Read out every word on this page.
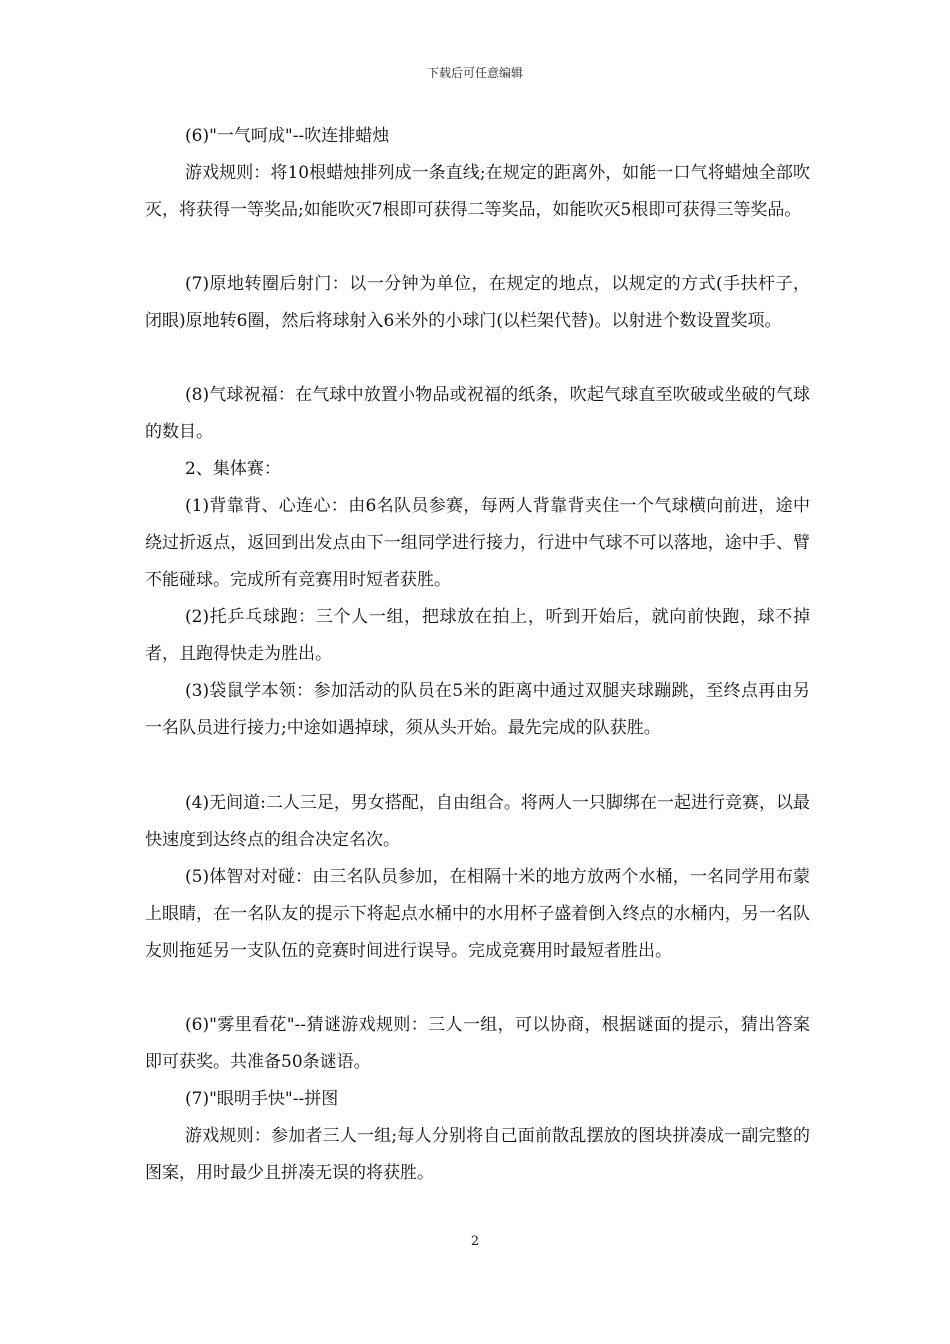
下载后可任意编辑

(6)"一气呵成"--吹连排蜡烛

游戏规则：将10根蜡烛排列成一条直线;在规定的距离外，如能一口气将蜡烛全部吹灭，将获得一等奖品;如能吹灭7根即可获得二等奖品，如能吹灭5根即可获得三等奖品。

(7)原地转圈后射门：以一分钟为单位，在规定的地点，以规定的方式(手扶杆子，闭眼)原地转6圈，然后将球射入6米外的小球门(以栏架代替)。以射进个数设置奖项。

(8)气球祝福：在气球中放置小物品或祝福的纸条，吹起气球直至吹破或坐破的气球的数目。

2、集体赛：

(1)背靠背、心连心：由6名队员参赛，每两人背靠背夹住一个气球横向前进，途中绕过折返点，返回到出发点由下一组同学进行接力，行进中气球不可以落地，途中手、臂不能碰球。完成所有竞赛用时短者获胜。

(2)托乒乓球跑：三个人一组，把球放在拍上，听到开始后，就向前快跑，球不掉者，且跑得快走为胜出。

(3)袋鼠学本领：参加活动的队员在5米的距离中通过双腿夹球蹦跳，至终点再由另一名队员进行接力;中途如遇掉球，须从头开始。最先完成的队获胜。

(4)无间道:二人三足，男女搭配，自由组合。将两人一只脚绑在一起进行竞赛，以最快速度到达终点的组合决定名次。

(5)体智对对碰：由三名队员参加，在相隔十米的地方放两个水桶，一名同学用布蒙上眼睛，在一名队友的提示下将起点水桶中的水用杯子盛着倒入终点的水桶内，另一名队友则拖延另一支队伍的竞赛时间进行误导。完成竞赛用时最短者胜出。

(6)"雾里看花"--猜谜游戏规则：三人一组，可以协商，根据谜面的提示，猜出答案即可获奖。共准备50条谜语。

(7)"眼明手快"--拼图

游戏规则：参加者三人一组;每人分别将自己面前散乱摆放的图块拼凑成一副完整的图案，用时最少且拼凑无误的将获胜。

2
